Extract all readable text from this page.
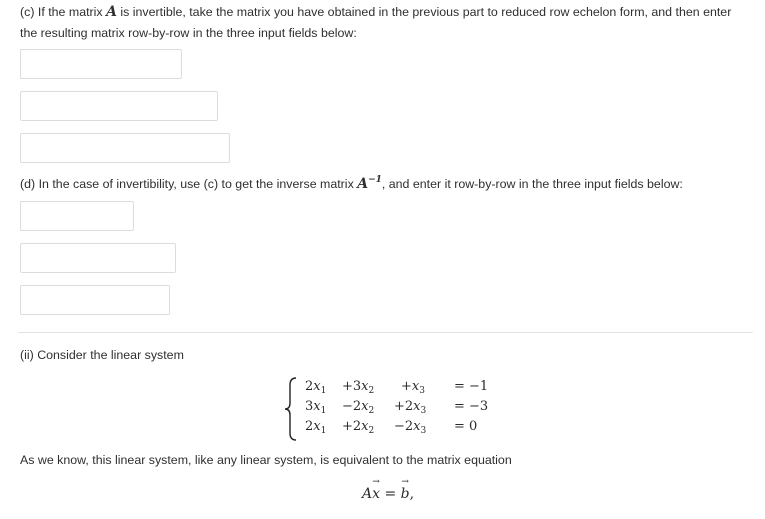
(c) If the matrix A is invertible, take the matrix you have obtained in the previous part to reduced row echelon form, and then enter the resulting matrix row-by-row in the three input fields below:
(d) In the case of invertibility, use (c) to get the inverse matrix $A^{-1}$, and enter it row-by-row in the three input fields below:
(ii) Consider the linear system
$2x_1 +3x_2 +x_3 = -1$
$3x_1 -2x_2 +2x_3 = -3$
$2x_1 +2x_2 -2x_3 = 0$
As we know, this linear system, like any linear system, is equivalent to the matrix equation
Ax
→
= b
→
,
